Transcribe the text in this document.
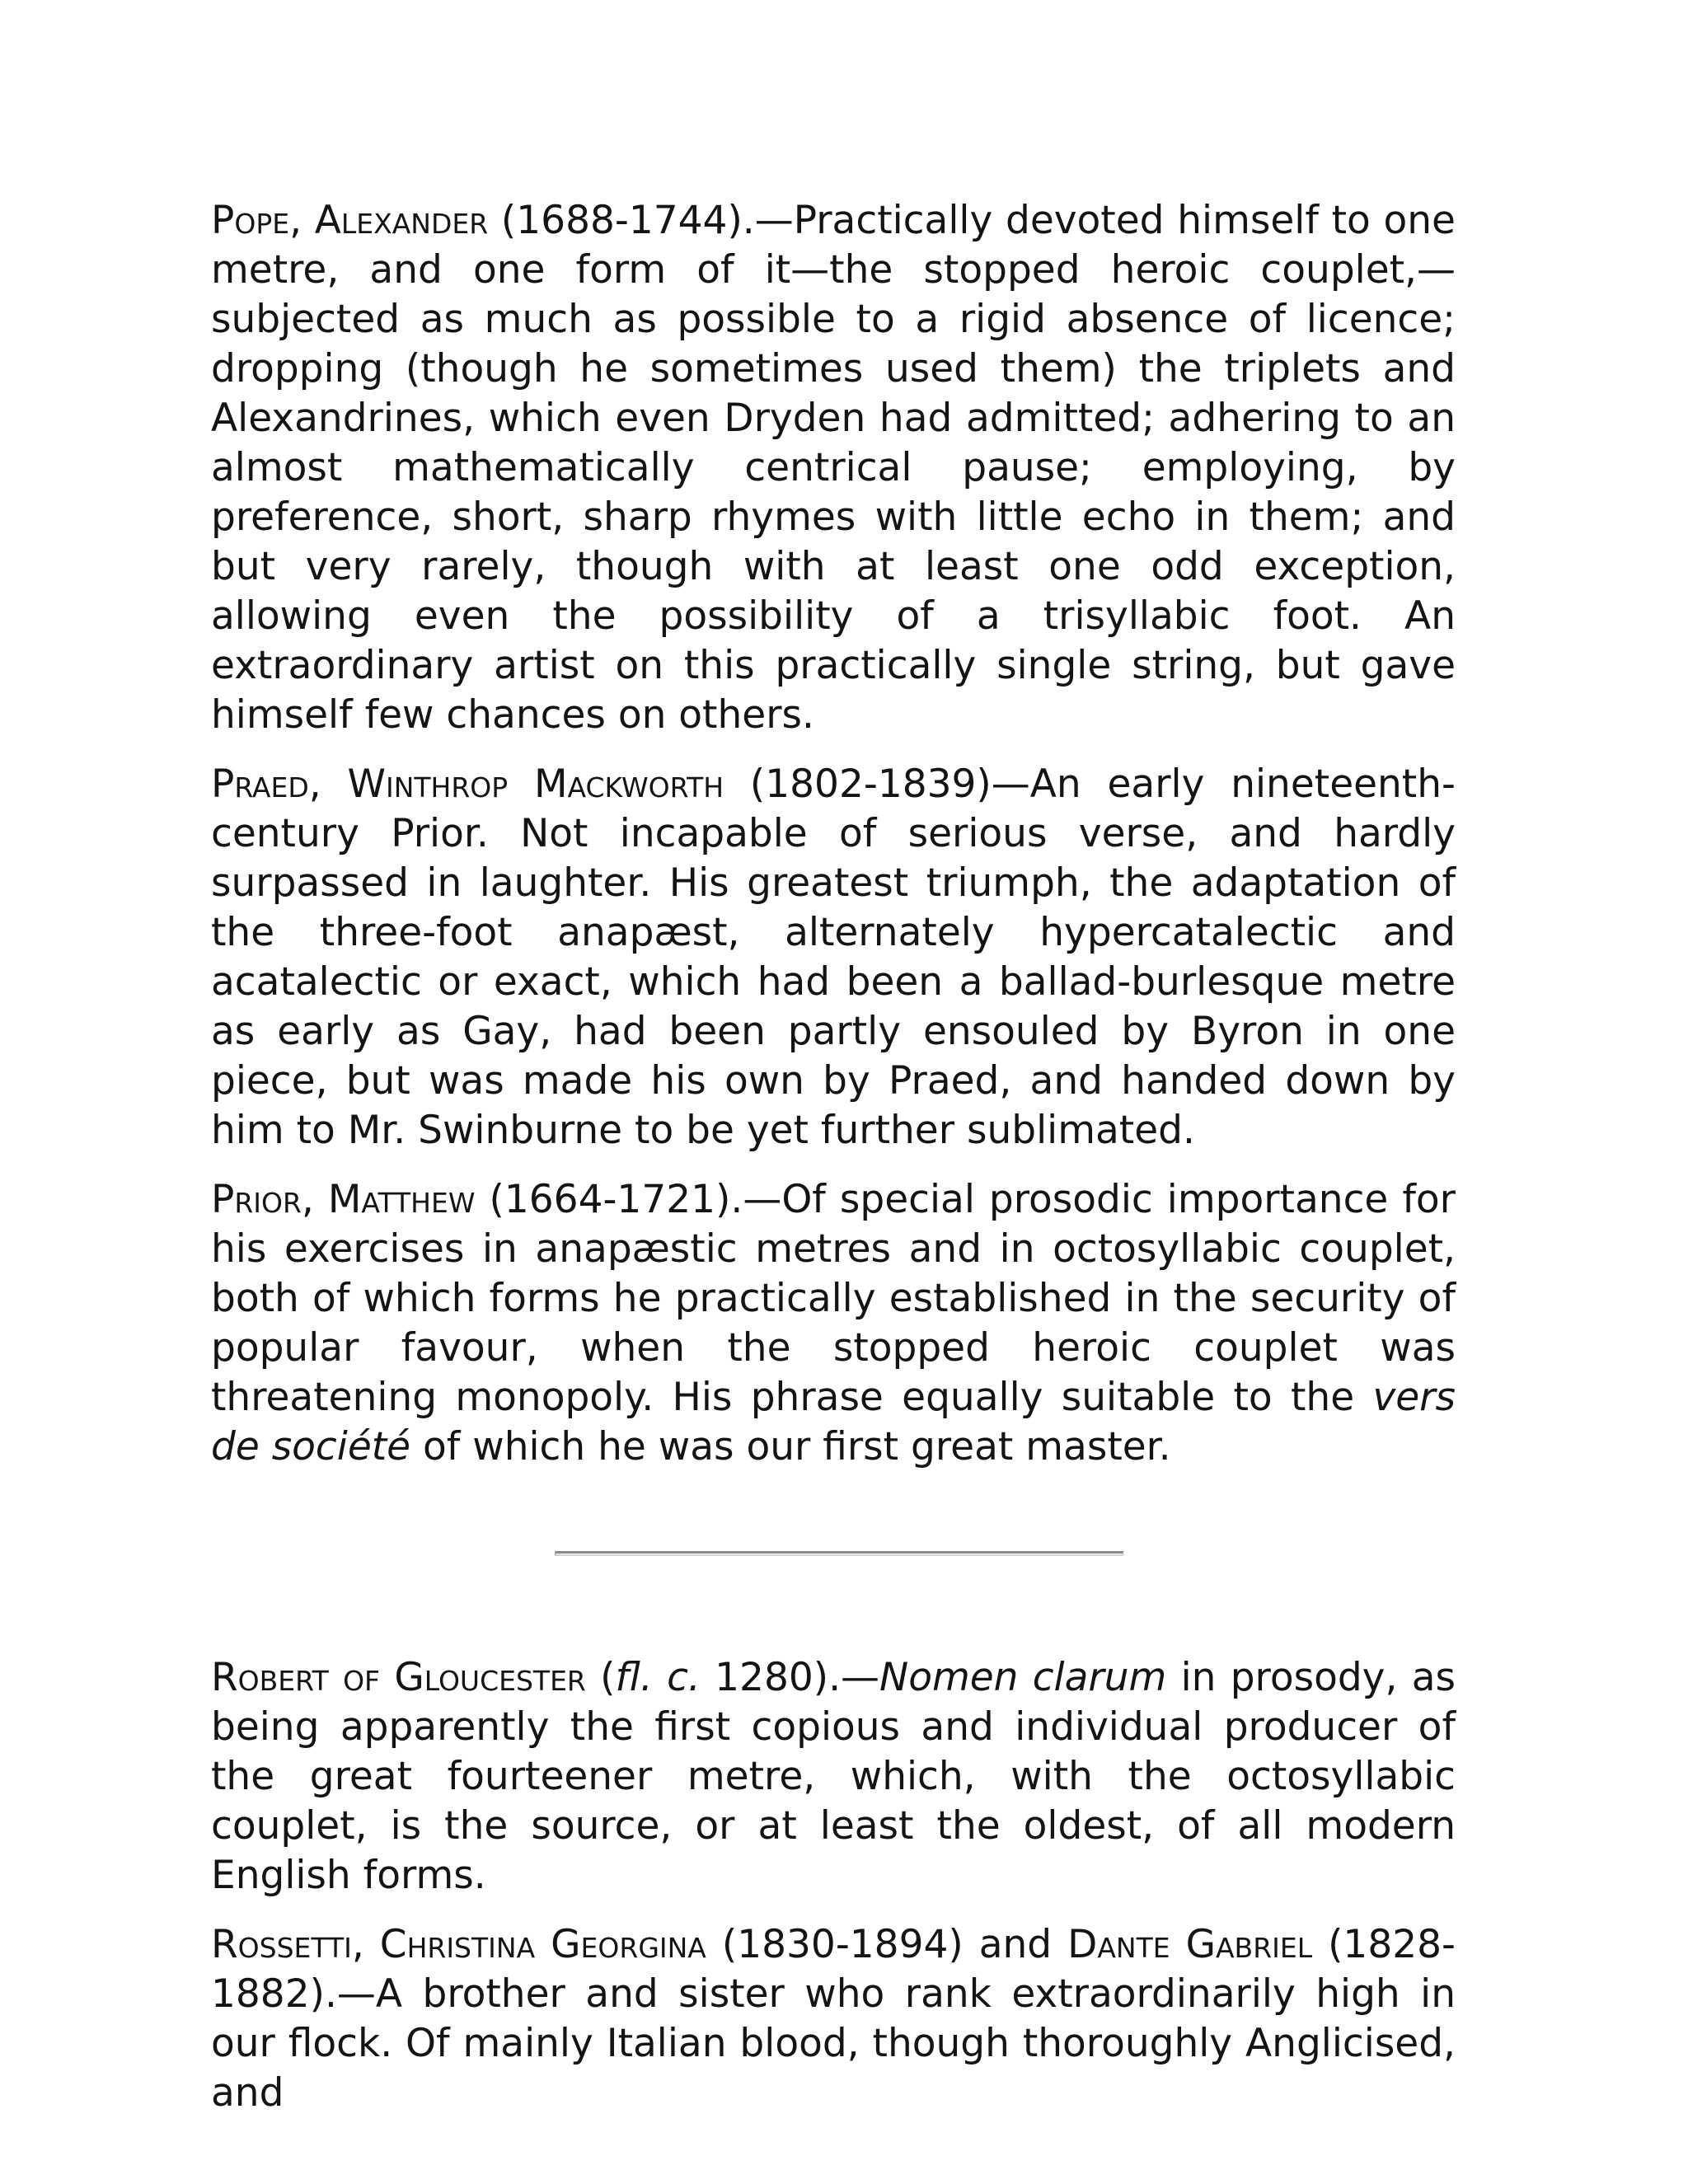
Pope, Alexander (1688-1744).—Practically devoted himself to one metre, and one form of it—the stopped heroic couplet,—subjected as much as possible to a rigid absence of licence; dropping (though he sometimes used them) the triplets and Alexandrines, which even Dryden had admitted; adhering to an almost mathematically centrical pause; employing, by preference, short, sharp rhymes with little echo in them; and but very rarely, though with at least one odd exception, allowing even the possibility of a trisyllabic foot. An extraordinary artist on this practically single string, but gave himself few chances on others.

Praed, Winthrop Mackworth (1802-1839)—An early nineteenth-century Prior. Not incapable of serious verse, and hardly surpassed in laughter. His greatest triumph, the adaptation of the three-foot anapæst, alternately hypercatalectic and acatalectic or exact, which had been a ballad-burlesque metre as early as Gay, had been partly ensouled by Byron in one piece, but was made his own by Praed, and handed down by him to Mr. Swinburne to be yet further sublimated.

Prior, Matthew (1664-1721).—Of special prosodic importance for his exercises in anapæstic metres and in octosyllabic couplet, both of which forms he practically established in the security of popular favour, when the stopped heroic couplet was threatening monopoly. His phrase equally suitable to the vers de société of which he was our first great master.

Robert of Gloucester (fl. c. 1280).—Nomen clarum in prosody, as being apparently the first copious and individual producer of the great fourteener metre, which, with the octosyllabic couplet, is the source, or at least the oldest, of all modern English forms.

Rossetti, Christina Georgina (1830-1894) and Dante Gabriel (1828-1882).—A brother and sister who rank extraordinarily high in our flock. Of mainly Italian blood, though thoroughly Anglicised, and
